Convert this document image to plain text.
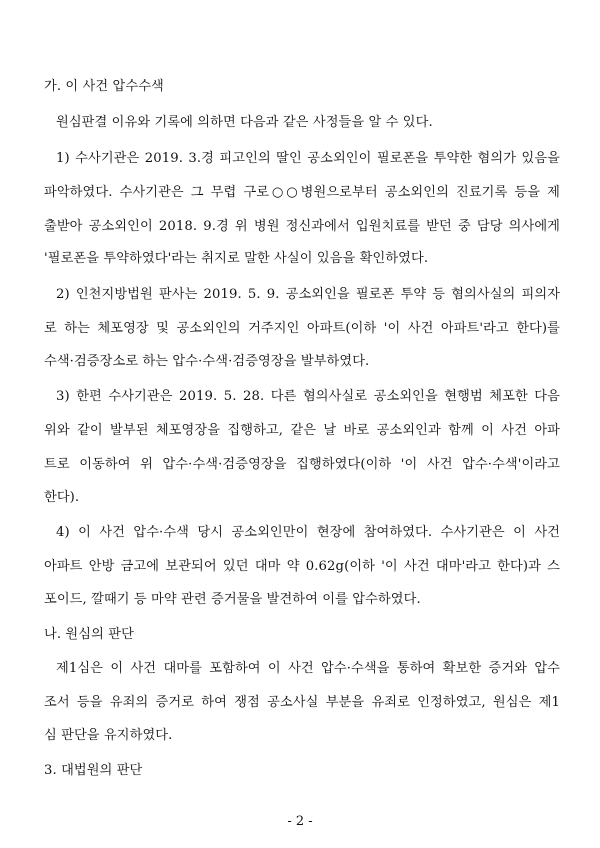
가. 이 사건 압수수색
원심판결 이유와 기록에 의하면 다음과 같은 사정들을 알 수 있다.
1) 수사기관은 2019. 3.경 피고인의 딸인 공소외인이 필로폰을 투약한 혐의가 있음을
파악하였다. 수사기관은 그 무렵 구로○○병원으로부터 공소외인의 진료기록 등을 제
출받아 공소외인이 2018. 9.경 위 병원 정신과에서 입원치료를 받던 중 담당 의사에게
'필로폰을 투약하였다'라는 취지로 말한 사실이 있음을 확인하였다.
2) 인천지방법원 판사는 2019. 5. 9. 공소외인을 필로폰 투약 등 혐의사실의 피의자
로 하는 체포영장 및 공소외인의 거주지인 아파트(이하 '이 사건 아파트'라고 한다)를
수색·검증장소로 하는 압수·수색·검증영장을 발부하였다.
3) 한편 수사기관은 2019. 5. 28. 다른 혐의사실로 공소외인을 현행범 체포한 다음
위와 같이 발부된 체포영장을 집행하고, 같은 날 바로 공소외인과 함께 이 사건 아파
트로 이동하여 위 압수·수색·검증영장을 집행하였다(이하 '이 사건 압수·수색'이라고
한다).
4) 이 사건 압수·수색 당시 공소외인만이 현장에 참여하였다. 수사기관은 이 사건
아파트 안방 금고에 보관되어 있던 대마 약 0.62g(이하 '이 사건 대마'라고 한다)과 스
포이드, 깔때기 등 마약 관련 증거물을 발견하여 이를 압수하였다.
나. 원심의 판단
제1심은 이 사건 대마를 포함하여 이 사건 압수·수색을 통하여 확보한 증거와 압수
조서 등을 유죄의 증거로 하여 쟁점 공소사실 부분을 유죄로 인정하였고, 원심은 제1
심 판단을 유지하였다.
3. 대법원의 판단
- 2 -
